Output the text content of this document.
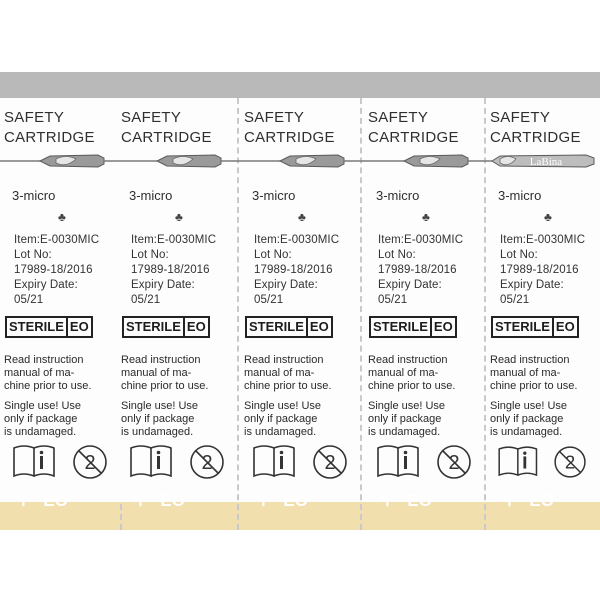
SAFETY
CARTRIDGE
3-micro
♣
Item:E-0030MIC
Lot No:
17989-18/2016
Expiry Date:
05/21
STERILE EO
Read instruction
manual of ma-
chine prior to use.
Single use! Use
only if package
is undamaged.
2
↰ EO
SAFETY
CARTRIDGE
3-micro
♣
Item:E-0030MIC
Lot No:
17989-18/2016
Expiry Date:
05/21
STERILE EO
Read instruction
manual of ma-
chine prior to use.
Single use! Use
only if package
is undamaged.
2
↰ EO
SAFETY
CARTRIDGE
3-micro
♣
Item:E-0030MIC
Lot No:
17989-18/2016
Expiry Date:
05/21
STERILE EO
Read instruction
manual of ma-
chine prior to use.
Single use! Use
only if package
is undamaged.
2
↰ EO
SAFETY
CARTRIDGE
3-micro
♣
Item:E-0030MIC
Lot No:
17989-18/2016
Expiry Date:
05/21
STERILE EO
Read instruction
manual of ma-
chine prior to use.
Single use! Use
only if package
is undamaged.
2
↰ EO
SAFETY
CARTRIDGE
LaBina
3-micro
♣
Item:E-0030MIC
Lot No:
17989-18/2016
Expiry Date:
05/21
STERILE EO
Read instruction
manual of ma-
chine prior to use.
Single use! Use
only if package
is undamaged.
2
↰ EO
